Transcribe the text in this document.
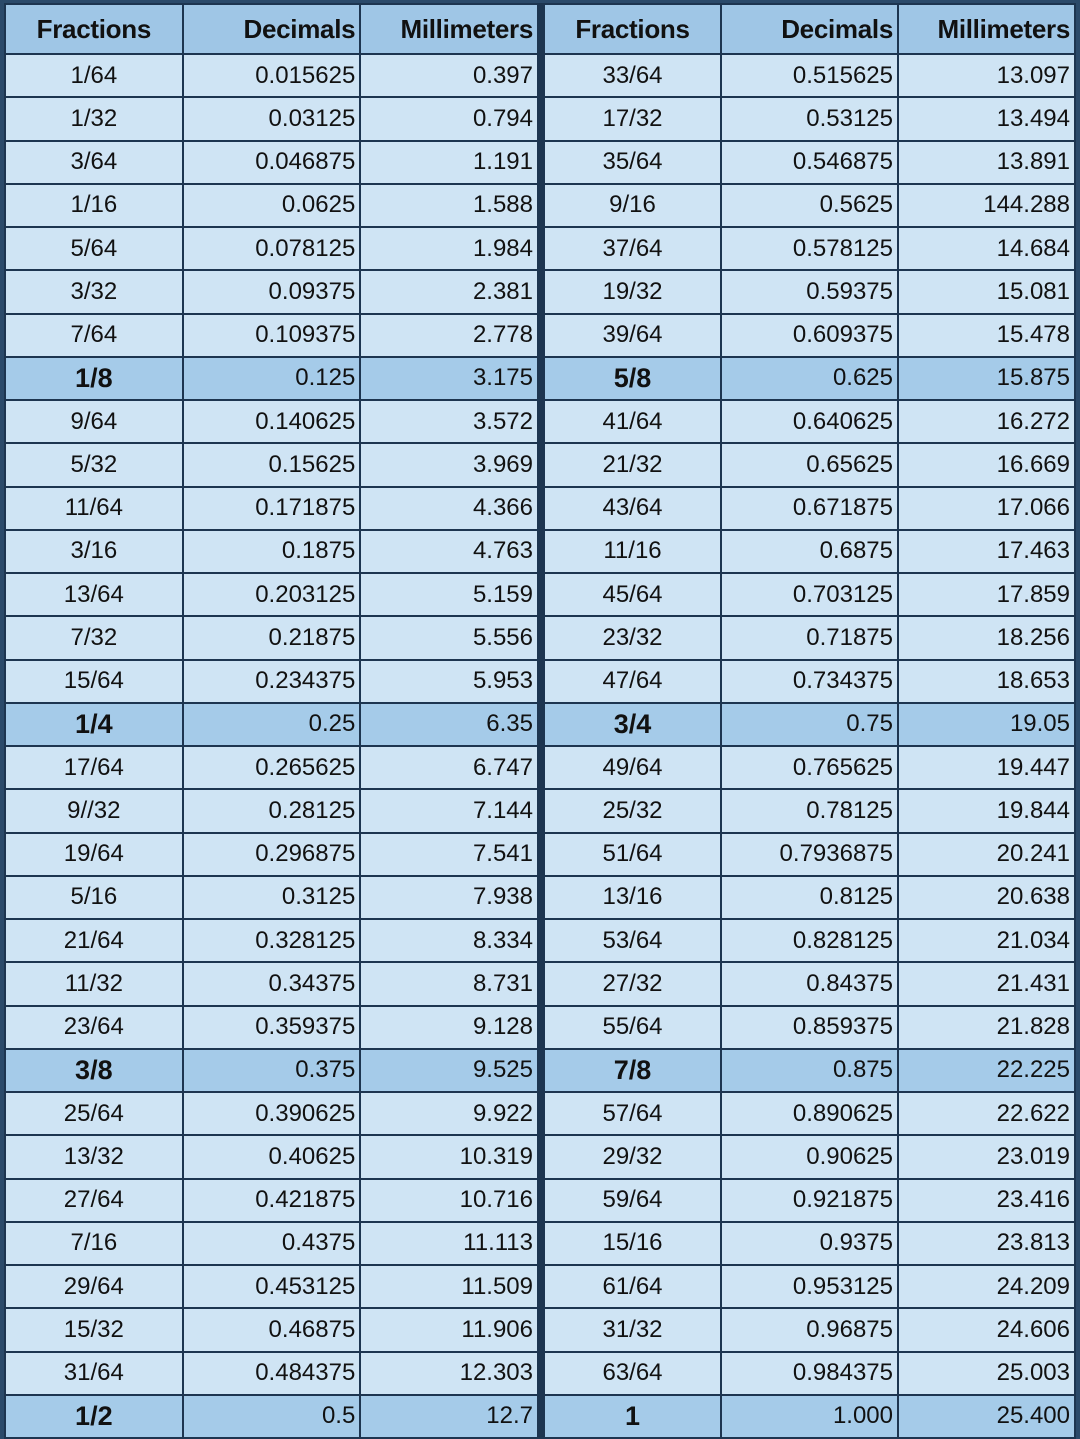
Fractions	Decimals	Millimeters
1/64	0.015625	0.397
1/32	0.03125	0.794
3/64	0.046875	1.191
1/16	0.0625	1.588
5/64	0.078125	1.984
3/32	0.09375	2.381
7/64	0.109375	2.778
1/8	0.125	3.175
9/64	0.140625	3.572
5/32	0.15625	3.969
11/64	0.171875	4.366
3/16	0.1875	4.763
13/64	0.203125	5.159
7/32	0.21875	5.556
15/64	0.234375	5.953
1/4	0.25	6.35
17/64	0.265625	6.747
9//32	0.28125	7.144
19/64	0.296875	7.541
5/16	0.3125	7.938
21/64	0.328125	8.334
11/32	0.34375	8.731
23/64	0.359375	9.128
3/8	0.375	9.525
25/64	0.390625	9.922
13/32	0.40625	10.319
27/64	0.421875	10.716
7/16	0.4375	11.113
29/64	0.453125	11.509
15/32	0.46875	11.906
31/64	0.484375	12.303
1/2	0.5	12.7
Fractions	Decimals	Millimeters
33/64	0.515625	13.097
17/32	0.53125	13.494
35/64	0.546875	13.891
9/16	0.5625	144.288
37/64	0.578125	14.684
19/32	0.59375	15.081
39/64	0.609375	15.478
5/8	0.625	15.875
41/64	0.640625	16.272
21/32	0.65625	16.669
43/64	0.671875	17.066
11/16	0.6875	17.463
45/64	0.703125	17.859
23/32	0.71875	18.256
47/64	0.734375	18.653
3/4	0.75	19.05
49/64	0.765625	19.447
25/32	0.78125	19.844
51/64	0.7936875	20.241
13/16	0.8125	20.638
53/64	0.828125	21.034
27/32	0.84375	21.431
55/64	0.859375	21.828
7/8	0.875	22.225
57/64	0.890625	22.622
29/32	0.90625	23.019
59/64	0.921875	23.416
15/16	0.9375	23.813
61/64	0.953125	24.209
31/32	0.96875	24.606
63/64	0.984375	25.003
1	1.000	25.400
